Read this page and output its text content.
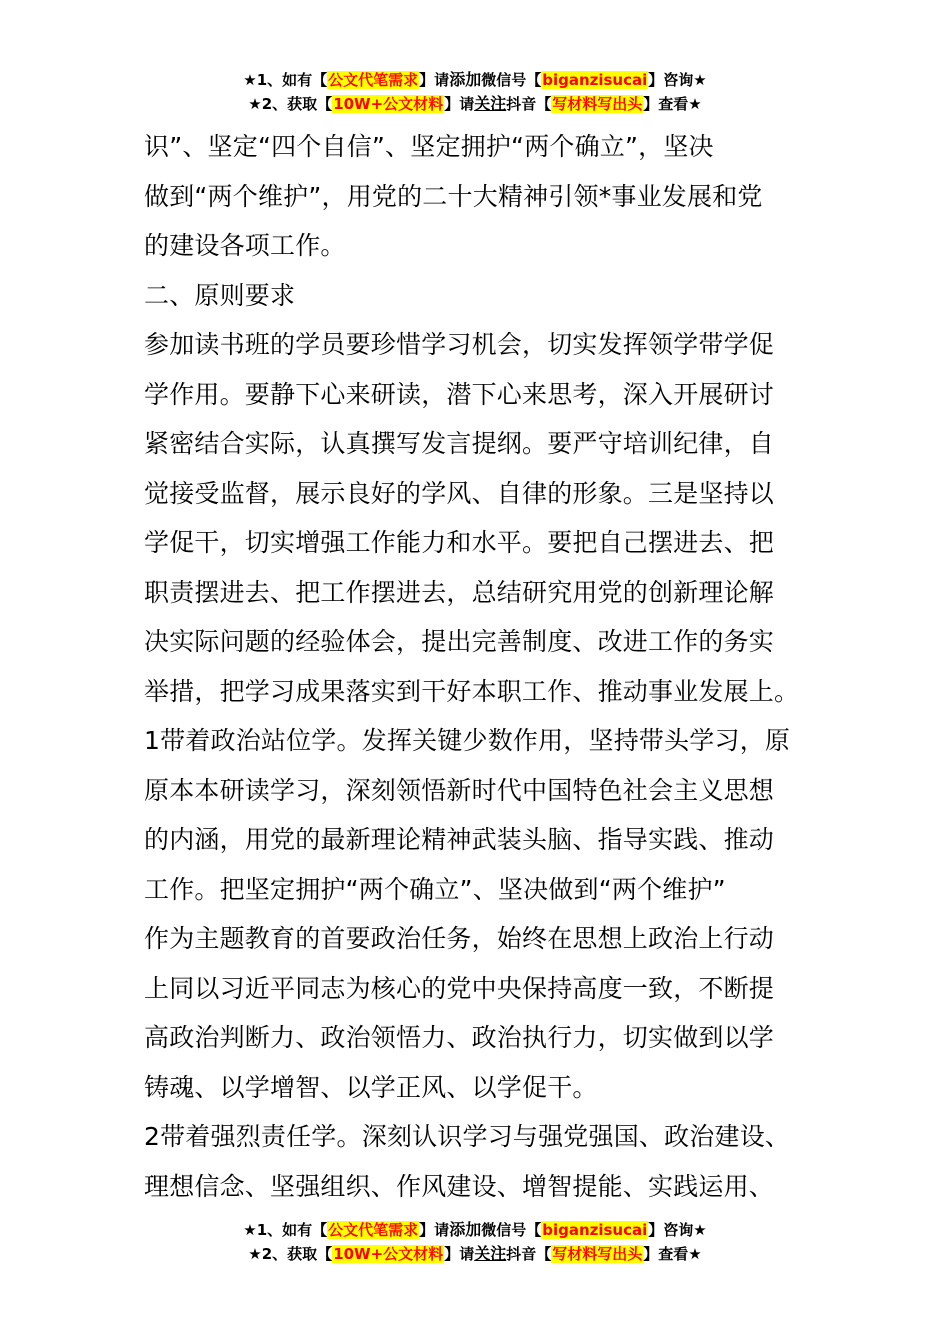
★1、如有【公文代笔需求】请添加微信号【biganzisucai】咨询★
★2、获取【10W+公文材料】请关注抖音【写材料写出头】查看★

识”、坚定“四个自信”、坚定拥护“两个确立”，坚决

做到“两个维护”，用党的二十大精神引领*事业发展和党

的建设各项工作。

二、原则要求

参加读书班的学员要珍惜学习机会，切实发挥领学带学促

学作用。要静下心来研读，潜下心来思考，深入开展研讨

紧密结合实际，认真撰写发言提纲。要严守培训纪律，自

觉接受监督，展示良好的学风、自律的形象。三是坚持以

学促干，切实增强工作能力和水平。要把自己摆进去、把

职责摆进去、把工作摆进去，总结研究用党的创新理论解

决实际问题的经验体会，提出完善制度、改进工作的务实

举措，把学习成果落实到干好本职工作、推动事业发展上。

1带着政治站位学。发挥关键少数作用，坚持带头学习，原

原本本研读学习，深刻领悟新时代中国特色社会主义思想

的内涵，用党的最新理论精神武装头脑、指导实践、推动

工作。把坚定拥护“两个确立”、坚决做到“两个维护”

作为主题教育的首要政治任务，始终在思想上政治上行动

上同以习近平同志为核心的党中央保持高度一致，不断提

高政治判断力、政治领悟力、政治执行力，切实做到以学

铸魂、以学增智、以学正风、以学促干。

2带着强烈责任学。深刻认识学习与强党强国、政治建设、

理想信念、坚强组织、作风建设、增智提能、实践运用、

★1、如有【公文代笔需求】请添加微信号【biganzisucai】咨询★
★2、获取【10W+公文材料】请关注抖音【写材料写出头】查看★
